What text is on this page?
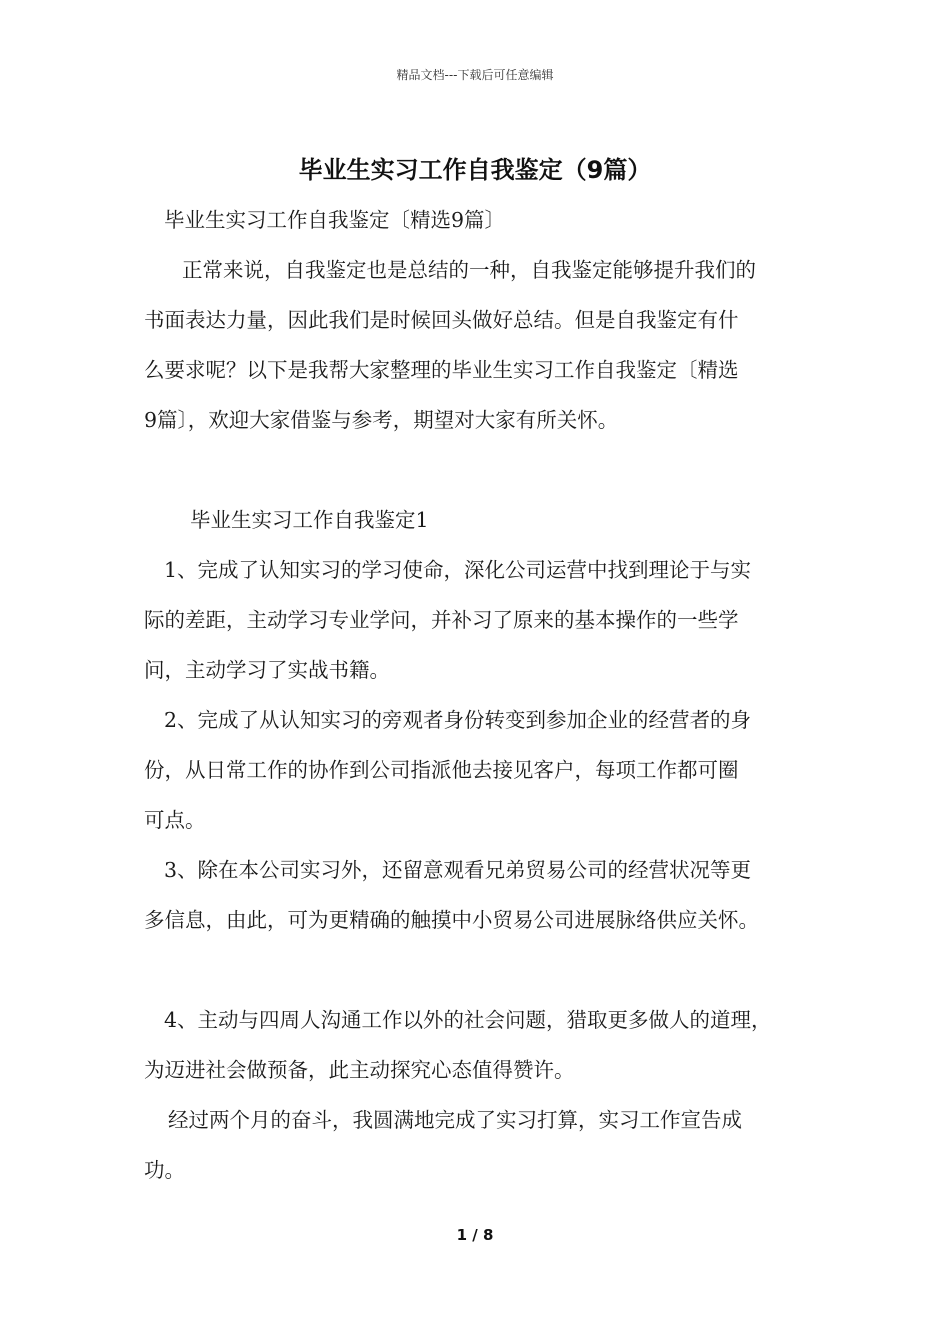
精品文档---下载后可任意编辑
毕业生实习工作自我鉴定（9篇）
毕业生实习工作自我鉴定〔精选9篇〕
正常来说，自我鉴定也是总结的一种，自我鉴定能够提升我们的
书面表达力量，因此我们是时候回头做好总结。但是自我鉴定有什
么要求呢？以下是我帮大家整理的毕业生实习工作自我鉴定〔精选
9篇〕，欢迎大家借鉴与参考，期望对大家有所关怀。
毕业生实习工作自我鉴定1
1、完成了认知实习的学习使命，深化公司运营中找到理论于与实
际的差距，主动学习专业学问，并补习了原来的基本操作的一些学
问，主动学习了实战书籍。
2、完成了从认知实习的旁观者身份转变到参加企业的经营者的身
份，从日常工作的协作到公司指派他去接见客户，每项工作都可圈
可点。
3、除在本公司实习外，还留意观看兄弟贸易公司的经营状况等更
多信息，由此，可为更精确的触摸中小贸易公司进展脉络供应关怀。
4、主动与四周人沟通工作以外的社会问题，猎取更多做人的道理，
为迈进社会做预备，此主动探究心态值得赞许。
经过两个月的奋斗，我圆满地完成了实习打算，实习工作宣告成
功。
1 / 8
